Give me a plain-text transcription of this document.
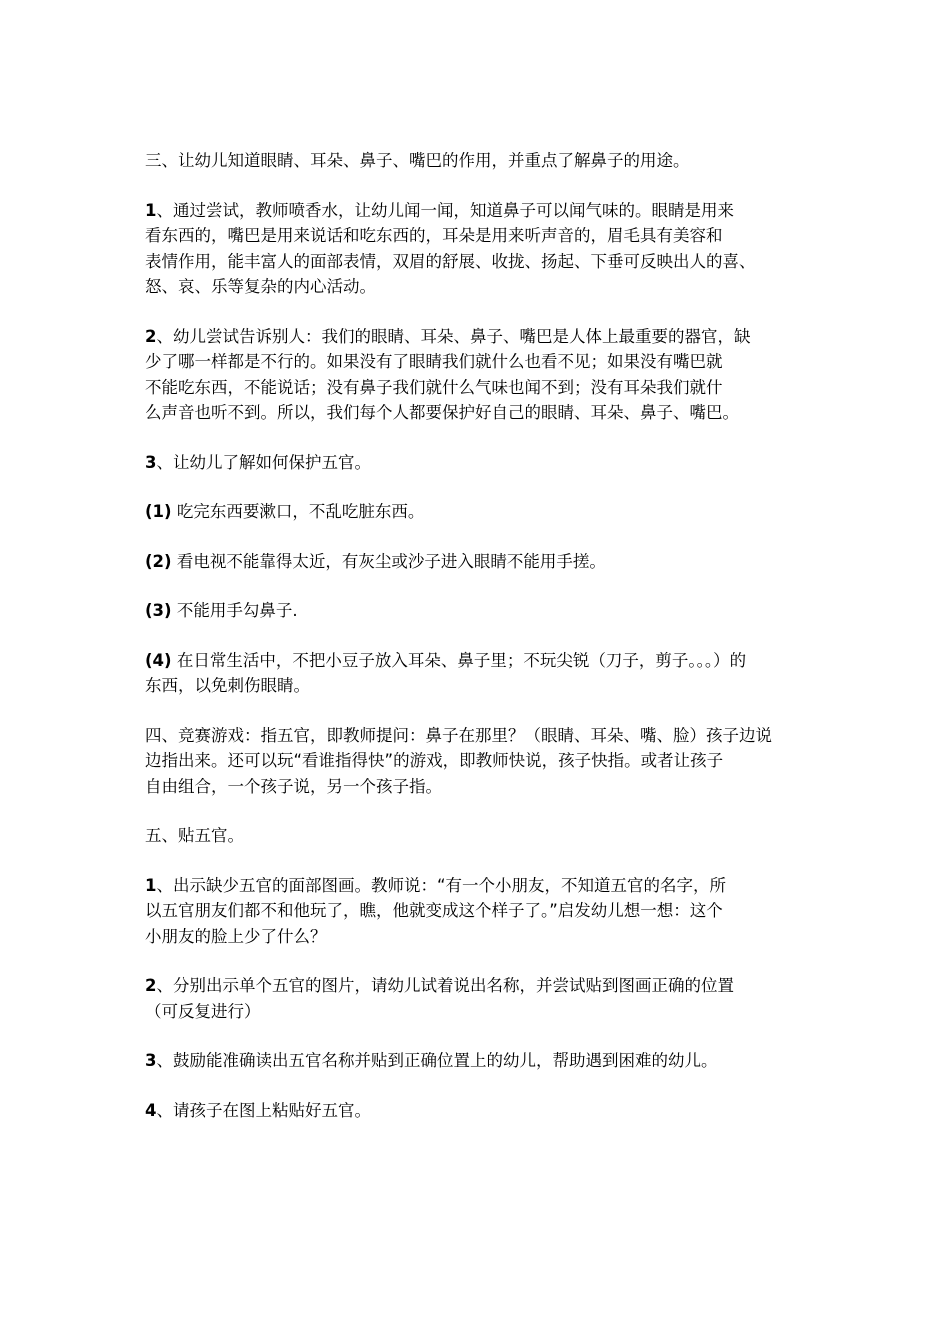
三、让幼儿知道眼睛、耳朵、鼻子、嘴巴的作用，并重点了解鼻子的用途。
1、通过尝试，教师喷香水，让幼儿闻一闻，知道鼻子可以闻气味的。眼睛是用来
看东西的，嘴巴是用来说话和吃东西的，耳朵是用来听声音的，眉毛具有美容和
表情作用，能丰富人的面部表情，双眉的舒展、收拢、扬起、下垂可反映出人的喜、
怒、哀、乐等复杂的内心活动。
2、幼儿尝试告诉别人：我们的眼睛、耳朵、鼻子、嘴巴是人体上最重要的器官，缺
少了哪一样都是不行的。如果没有了眼睛我们就什么也看不见；如果没有嘴巴就
不能吃东西，不能说话；没有鼻子我们就什么气味也闻不到；没有耳朵我们就什
么声音也听不到。所以，我们每个人都要保护好自己的眼睛、耳朵、鼻子、嘴巴。
3、让幼儿了解如何保护五官。
(1) 吃完东西要漱口，不乱吃脏东西。
(2) 看电视不能靠得太近，有灰尘或沙子进入眼睛不能用手搓。
(3) 不能用手勾鼻子.
(4) 在日常生活中，不把小豆子放入耳朵、鼻子里；不玩尖锐（刀子，剪子。。。）的
东西，以免刺伤眼睛。
四、竞赛游戏：指五官，即教师提问：鼻子在那里？（眼睛、耳朵、嘴、脸）孩子边说
边指出来。还可以玩“看谁指得快”的游戏，即教师快说，孩子快指。或者让孩子
自由组合，一个孩子说，另一个孩子指。
五、贴五官。
1、出示缺少五官的面部图画。教师说：“有一个小朋友，不知道五官的名字，所
以五官朋友们都不和他玩了，瞧，他就变成这个样子了。”启发幼儿想一想：这个
小朋友的脸上少了什么？
2、分别出示单个五官的图片，请幼儿试着说出名称，并尝试贴到图画正确的位置
（可反复进行）
3、鼓励能准确读出五官名称并贴到正确位置上的幼儿，帮助遇到困难的幼儿。
4、请孩子在图上粘贴好五官。
